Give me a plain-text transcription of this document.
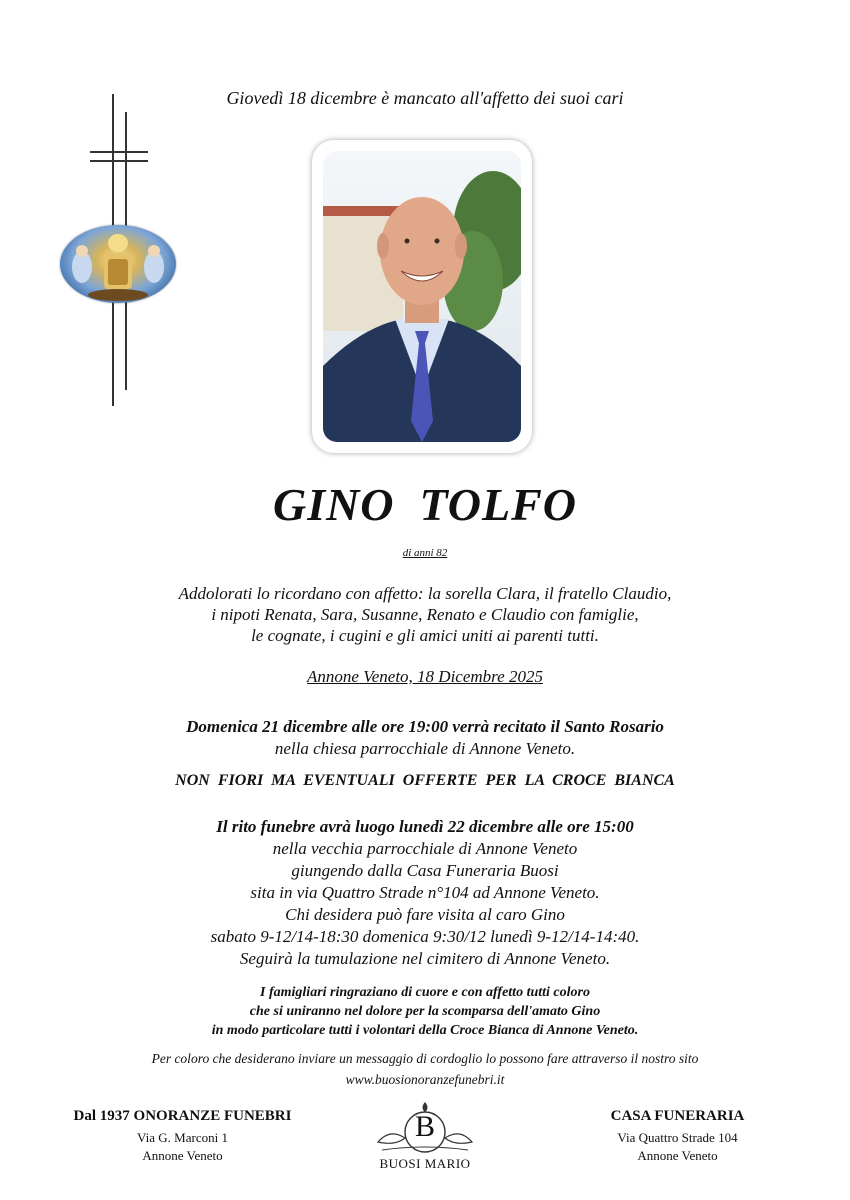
Giovedì 18 dicembre è mancato all'affetto dei suoi cari
GINO  TOLFO
di anni 82
Addolorati lo ricordano con affetto: la sorella Clara, il fratello Claudio,
i nipoti Renata, Sara, Susanne, Renato e Claudio con famiglie,
le cognate, i cugini e gli amici uniti ai parenti tutti.
Annone Veneto, 18 Dicembre 2025
Domenica 21 dicembre alle ore 19:00 verrà recitato il Santo Rosario
nella chiesa parrocchiale di Annone Veneto.
NON  FIORI  MA  EVENTUALI  OFFERTE  PER  LA  CROCE  BIANCA
Il rito funebre avrà luogo lunedì 22 dicembre alle ore 15:00
nella vecchia parrocchiale di Annone Veneto
giungendo dalla Casa Funeraria Buosi
sita in via Quattro Strade n°104 ad Annone Veneto.
Chi desidera può fare visita al caro Gino
sabato 9-12/14-18:30 domenica 9:30/12 lunedì 9-12/14-14:40.
Seguirà la tumulazione nel cimitero di Annone Veneto.
I famigliari ringraziano di cuore e con affetto tutti coloro
che si uniranno nel dolore per la scomparsa dell'amato Gino
in modo particolare tutti i volontari della Croce Bianca di Annone Veneto.
Per coloro che desiderano inviare un messaggio di cordoglio lo possono fare attraverso il nostro sito
www.buosionoranzefunebri.it
Dal 1937 ONORANZE FUNEBRI
Via G. Marconi 1
Annone Veneto
B
BUOSI MARIO
CASA FUNERARIA
Via Quattro Strade 104
Annone Veneto
